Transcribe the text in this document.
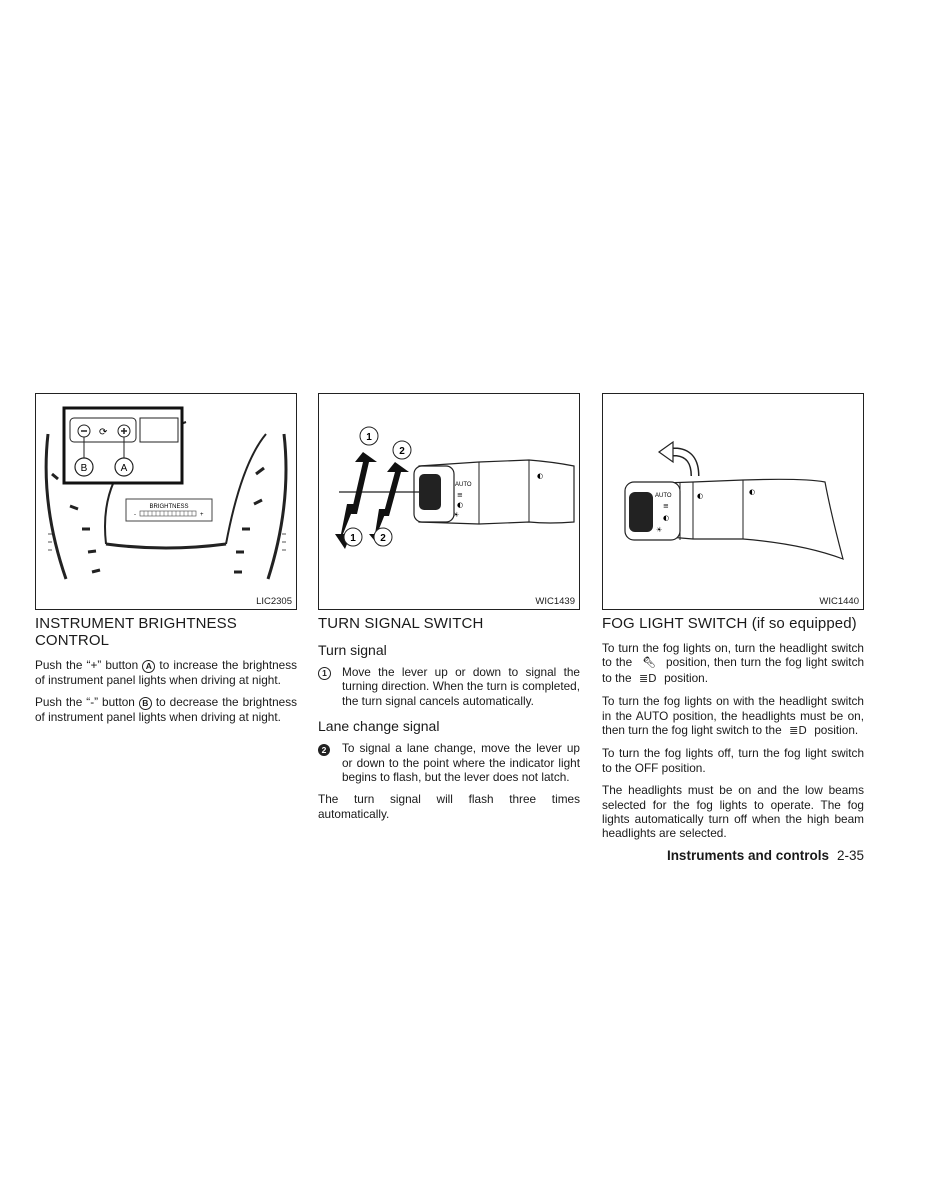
⟳
B	A
BRIGHTNESS
-	+
LIC2305
INSTRUMENT BRIGHTNESS
CONTROL

Push the “+” button A to increase the brightness of instrument panel lights when driving at night.

Push the “-” button B to decrease the brightness of instrument panel lights when driving at night.

AUTO
≡
◐
☀
◐
1
2
1 2
WIC1439
TURN SIGNAL SWITCH
Turn signal
1	Move the lever up or down to signal the turning direction. When the turn is completed, the turn signal cancels automatically.
Lane change signal
2	To signal a lane change, move the lever up or down to the point where the indicator light begins to flash, but the lever does not latch.

The turn signal will flash three times automatically.

AUTO
≡
◐
☀
◐	◐
WIC1440
FOG LIGHT SWITCH (if so equipped)

To turn the fog lights on, turn the headlight switch to the 🔦︎ position, then turn the fog light switch to the ≣D position.

To turn the fog lights on with the headlight switch in the AUTO position, the headlights must be on, then turn the fog light switch to the ≣D position.

To turn the fog lights off, turn the fog light switch to the OFF position.

The headlights must be on and the low beams selected for the fog lights to operate. The fog lights automatically turn off when the high beam headlights are selected.

Instruments and controls 2-35
